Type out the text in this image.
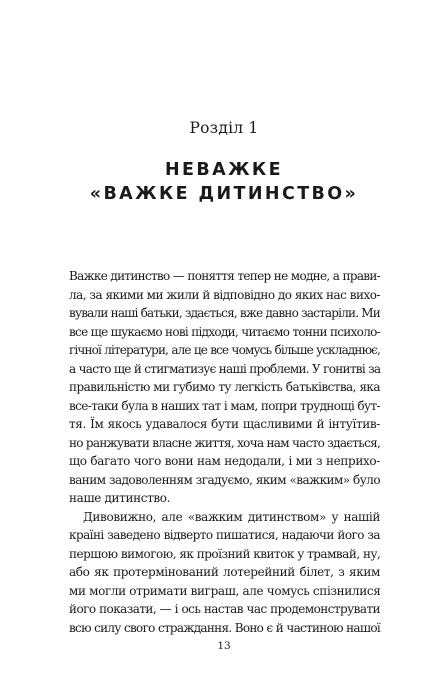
Розділ 1
НЕВАЖКЕ
«ВАЖКЕ ДИТИНСТВО»
Важке дитинство — поняття тепер не модне, а прави-
ла, за якими ми жили й відповідно до яких нас вихо-
вували наші батьки, здається, вже давно застаріли. Ми
все ще шукаємо нові підходи, читаємо тонни психоло-
гічної літератури, але це все чомусь більше ускладнює,
а часто ще й стигматизує наші проблеми. У гонитві за
правильністю ми губимо ту легкість батьківства, яка
все-таки була в наших тат і мам, попри труднощі бут-
тя. Їм якось удавалося бути щасливими й інтуїтив-
но ранжувати власне життя, хоча нам часто здається,
що багато чого вони нам недодали, і ми з неприхо-
ваним задоволенням згадуємо, яким «важким» було
наше дитинство.
Дивовижно, але «важким дитинством» у нашій
країні заведено відверто пишатися, надаючи його за
першою вимогою, як проїзний квиток у трамвай, ну,
або як протермінований лотерейний білет, з яким
ми могли отримати виграш, але чомусь спізнилися
його показати, — і ось настав час продемонструвати
всю силу свого страждання. Воно є й частиною нашої
13
